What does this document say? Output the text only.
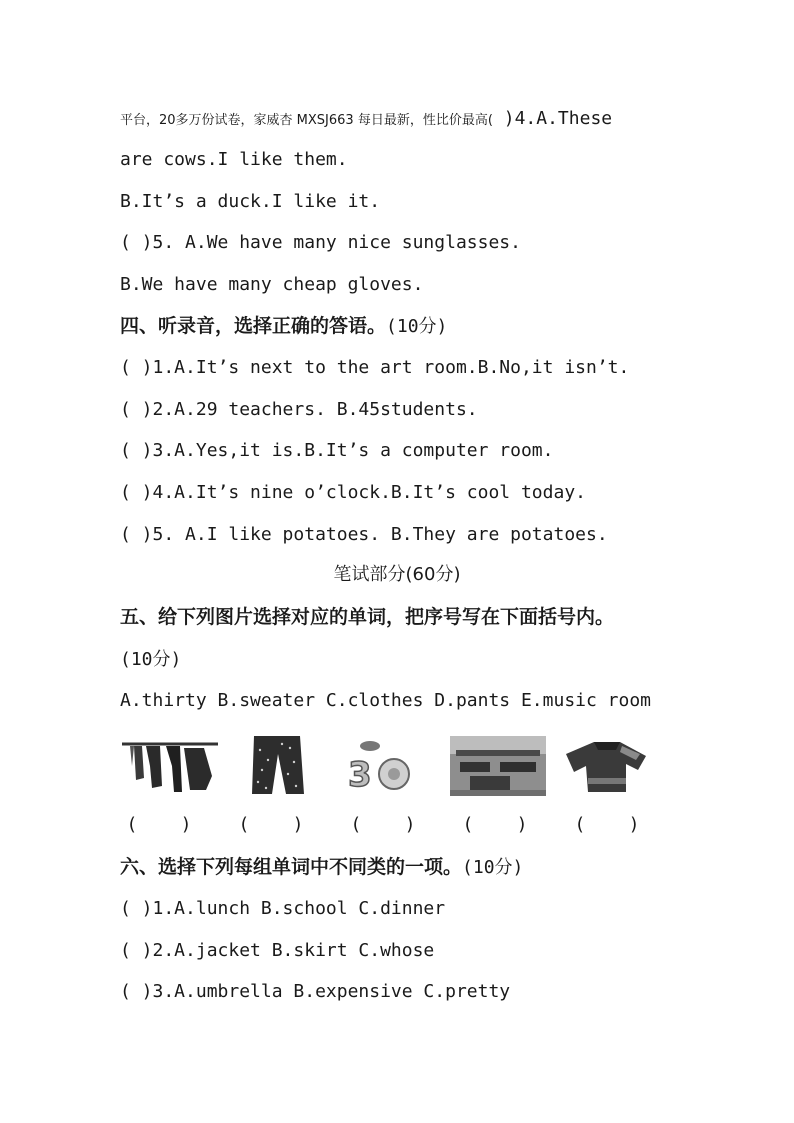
平台，20多万份试卷，家威杏 MXSJ663 每日最新，性比价最高( )4.A.These
are cows.I like them.
B.It’s a duck.I like it.
( )5. A.We have many nice sunglasses.
B.We have many cheap gloves.
四、听录音，选择正确的答语。(10分)
( )1.A.It’s next to the art room.B.No,it isn’t.
( )2.A.29 teachers. B.45students.
( )3.A.Yes,it is.B.It’s a computer room.
( )4.A.It’s nine o’clock.B.It’s cool today.
( )5. A.I like potatoes. B.They are potatoes.
笔试部分(60分)
五、给下列图片选择对应的单词，把序号写在下面括号内。
(10分)
A.thirty B.sweater C.clothes D.pants E.music room
3
(    )	(    )	(    )	(    )	(    )
六、选择下列每组单词中不同类的一项。(10分)
( )1.A.lunch B.school C.dinner
( )2.A.jacket B.skirt C.whose
( )3.A.umbrella B.expensive C.pretty
